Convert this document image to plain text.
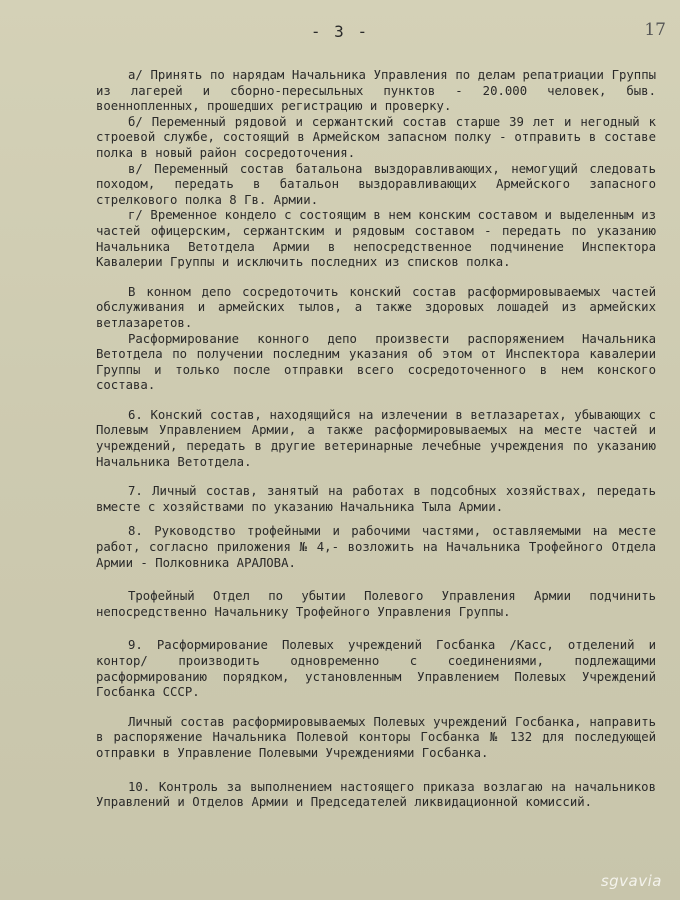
- 3 -	17

а/ Принять по нарядам Начальника Управления по делам репатриации Группы из лагерей и сборно-пересыльных пунктов - 20.000 человек, быв. военнопленных, прошедших регистрацию и проверку.

б/ Переменный рядовой и сержантский состав старше 39 лет и негодный к строевой службе, состоящий в Армейском запасном полку - отправить в составе полка в новый район сосредоточения.

в/ Переменный состав батальона выздоравливающих, немогущий следовать походом, передать в батальон выздоравливающих Армейского запасного стрелкового полка 8 Гв. Армии.

г/ Временное кондело с состоящим в нем конским составом и выделенным из частей офицерским, сержантским и рядовым составом - передать по указанию Начальника Ветотдела Армии в непосредственное подчинение Инспектора Кавалерии Группы и исключить последних из списков полка.

В конном депо сосредоточить конский состав расформировываемых частей обслуживания и армейских тылов, а также здоровых лошадей из армейских ветлазаретов.

Расформирование конного депо произвести распоряжением Начальника Ветотдела по получении последним указания об этом от Инспектора кавалерии Группы и только после отправки всего сосредоточенного в нем конского состава.

6. Конский состав, находящийся на излечении в ветлазаретах, убывающих с Полевым Управлением Армии, а также расформировываемых на месте частей и учреждений, передать в другие ветеринарные лечебные учреждения по указанию Начальника Ветотдела.

7. Личный состав, занятый на работах в подсобных хозяйствах, передать вместе с хозяйствами по указанию Начальника Тыла Армии.

8. Руководство трофейными и рабочими частями, оставляемыми на месте работ, согласно приложения № 4,- возложить на Начальника Трофейного Отдела Армии - Полковника АРАЛОВА.

Трофейный Отдел по убытии Полевого Управления Армии подчинить непосредственно Начальнику Трофейного Управления Группы.

9. Расформирование Полевых учреждений Госбанка /Касс, отделений и контор/ производить одновременно с соединениями, подлежащими расформированию порядком, установленным Управлением Полевых Учреждений Госбанка СССР.

Личный состав расформировываемых Полевых учреждений Госбанка, направить в распоряжение Начальника Полевой конторы Госбанка № 132 для последующей отправки в Управление Полевыми Учреждениями Госбанка.

10. Контроль за выполнением настоящего приказа возлагаю на начальников Управлений и Отделов Армии и Председателей ликвидационной комиссий.

sgvavia
